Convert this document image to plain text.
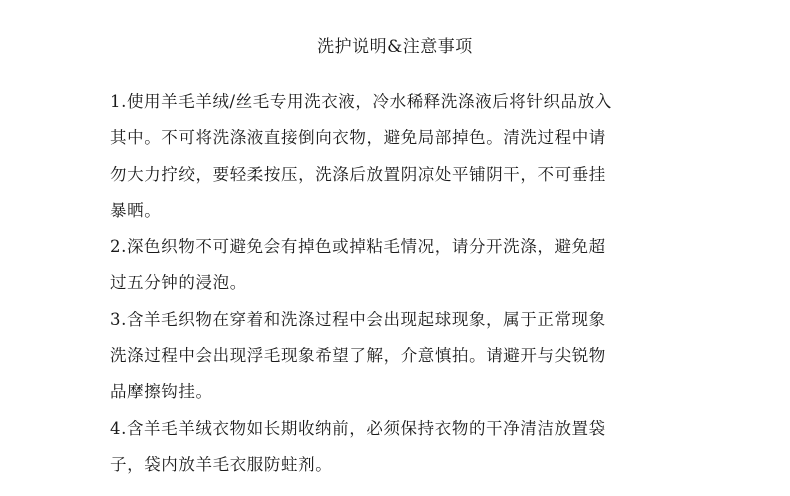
洗护说明&注意事项
1.使用羊毛羊绒/丝毛专用洗衣液，冷水稀释洗涤液后将针织品放入
其中。不可将洗涤液直接倒向衣物，避免局部掉色。清洗过程中请
勿大力拧绞，要轻柔按压，洗涤后放置阴凉处平铺阴干，不可垂挂
暴晒。
2.深色织物不可避免会有掉色或掉粘毛情况，请分开洗涤，避免超
过五分钟的浸泡。
3.含羊毛织物在穿着和洗涤过程中会出现起球现象，属于正常现象
洗涤过程中会出现浮毛现象希望了解，介意慎拍。请避开与尖锐物
品摩擦钩挂。
4.含羊毛羊绒衣物如长期收纳前，必须保持衣物的干净清洁放置袋
子，袋内放羊毛衣服防蛀剂。
